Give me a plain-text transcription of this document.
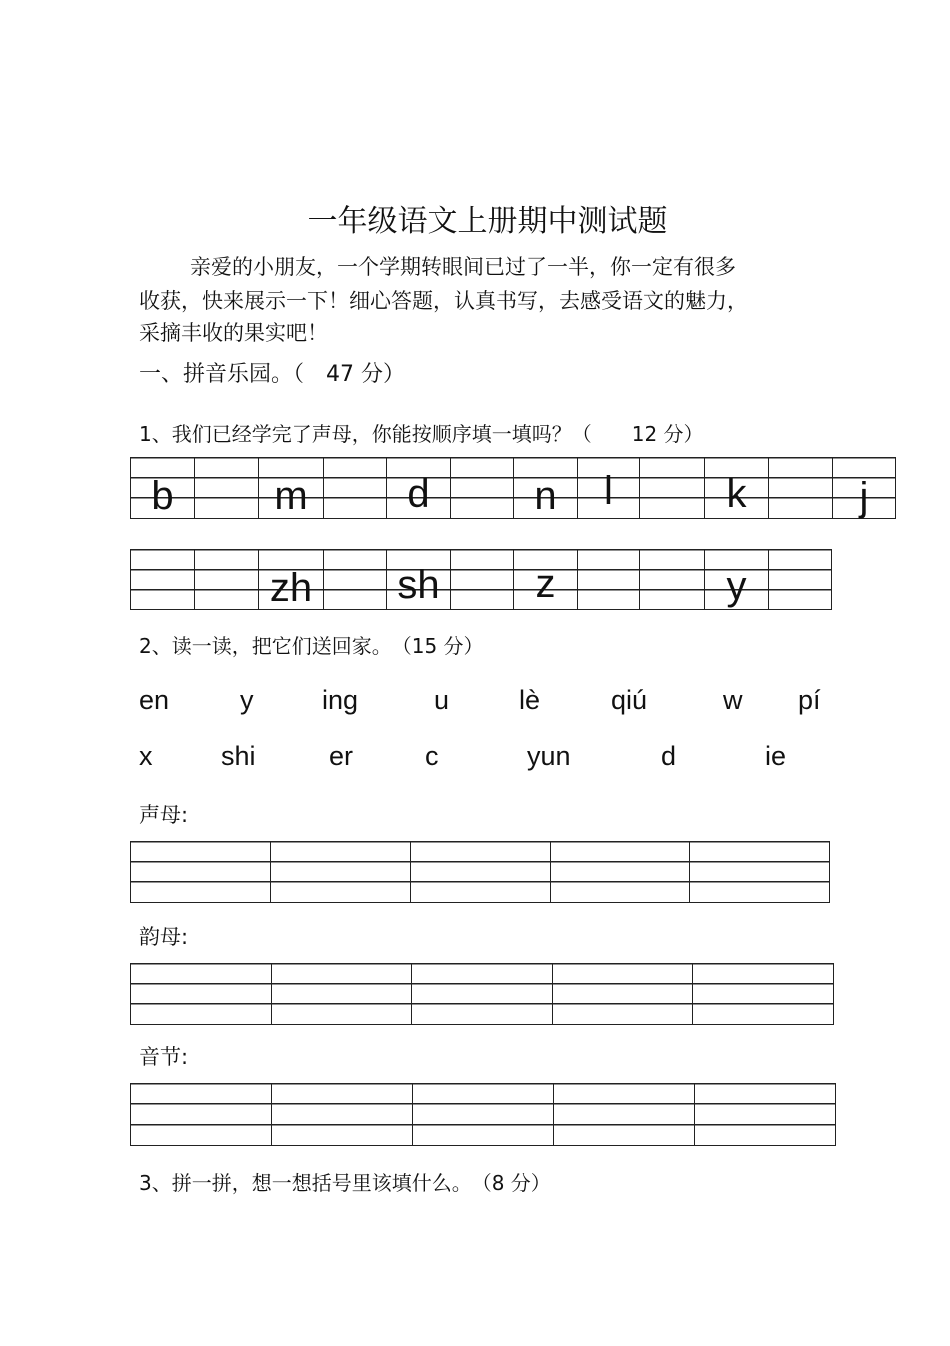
一年级语文上册期中测试题
亲爱的小朋友，一个学期转眼间已过了一半，你一定有很多
收获，快来展示一下！细心答题，认真书写，去感受语文的魅力，
采摘丰收的果实吧！
一、拼音乐园。（　47 分）
1、我们已经学完了声母，你能按顺序填一填吗？（　　12 分）
b	m	d	n	l	k	j
zh sh	z	y
2、读一读，把它们送回家。　（15 分）
en	y	ing	u	lè	qiú	w pí
x	shi	er	c	yun	d	ie
声母:
韵母:
音节:
3、拼一拼，想一想括号里该填什么。　（8 分）
